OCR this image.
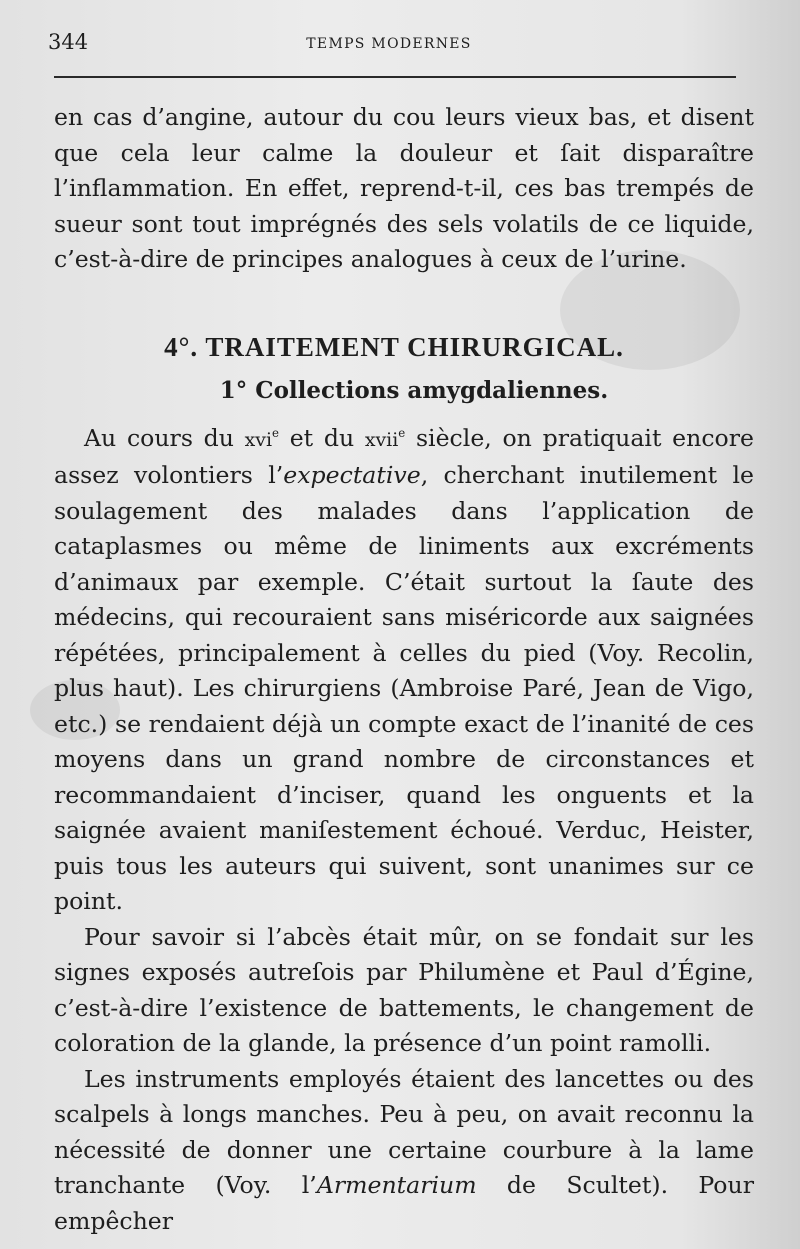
344	TEMPS MODERNES

en cas d’angine, autour du cou leurs vieux bas, et disent que cela leur calme la douleur et ſait disparaître l’inflammation. En effet, reprend-t-il, ces bas trempés de sueur sont tout imprégnés des sels volatils de ce liquide, c’est-à-dire de principes analogues à ceux de l’urine.

4°. TRAITEMENT CHIRURGICAL.
1° Collections amygdaliennes.

Au cours du xvi$^e$ et du xvii$^e$ siècle, on pratiquait encore assez volontiers l’expectative, cherchant inutilement le soulagement des malades dans l’application de cataplasmes ou même de liniments aux excréments d’animaux par exemple. C’était surtout la ſaute des médecins, qui recouraient sans miséricorde aux saignées répétées, principalement à celles du pied (Voy. Recolin, plus haut). Les chirurgiens (Ambroise Paré, Jean de Vigo, etc.) se rendaient déjà un compte exact de l’inanité de ces moyens dans un grand nombre de circonstances et recommandaient d’inciser, quand les onguents et la saignée avaient maniſestement échoué. Verduc, Heister, puis tous les auteurs qui suivent, sont unanimes sur ce point.

Pour savoir si l’abcès était mûr, on se fondait sur les signes exposés autreſois par Philumène et Paul d’Égine, c’est-à-dire l’existence de battements, le changement de coloration de la glande, la présence d’un point ramolli.

Les instruments employés étaient des lancettes ou des scalpels à longs manches. Peu à peu, on avait reconnu la nécessité de donner une certaine courbure à la lame tranchante (Voy. l’Armentarium de Scultet). Pour empêcher
